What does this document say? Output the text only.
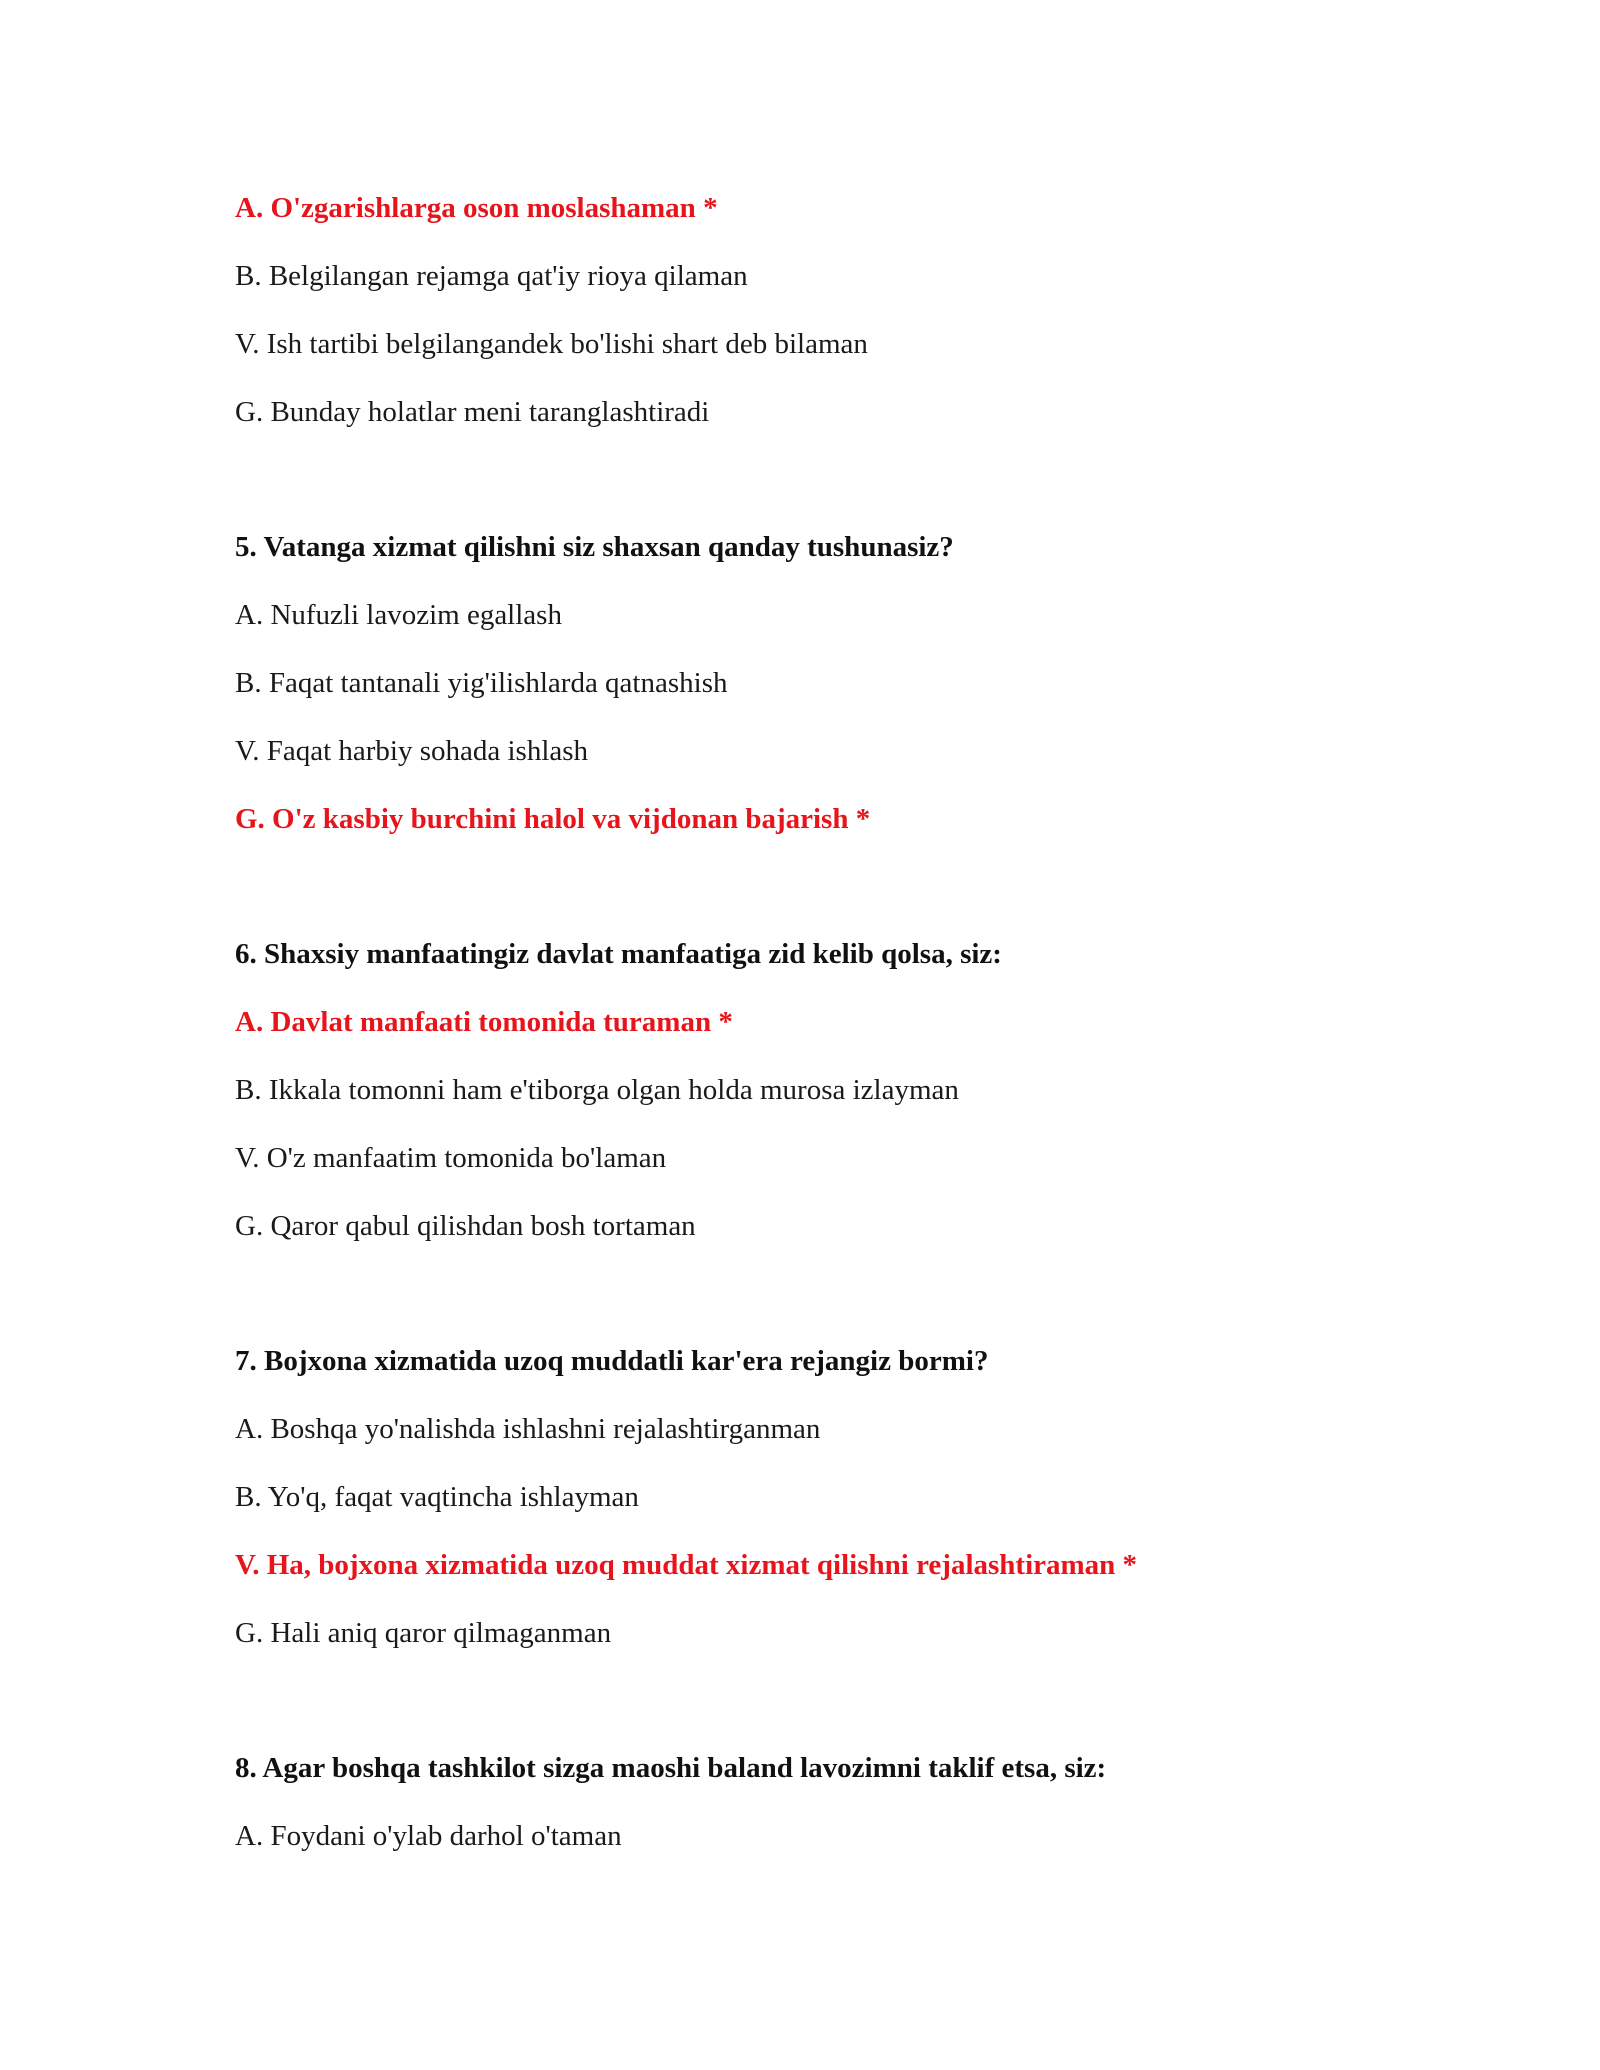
A. O'zgarishlarga oson moslashaman *
B. Belgilangan rejamga qat'iy rioya qilaman
V. Ish tartibi belgilangandek bo'lishi shart deb bilaman
G. Bunday holatlar meni taranglashtiradi
5. Vatanga xizmat qilishni siz shaxsan qanday tushunasiz?
A. Nufuzli lavozim egallash
B. Faqat tantanali yig'ilishlarda qatnashish
V. Faqat harbiy sohada ishlash
G. O'z kasbiy burchini halol va vijdonan bajarish *
6. Shaxsiy manfaatingiz davlat manfaatiga zid kelib qolsa, siz:
A. Davlat manfaati tomonida turaman *
B. Ikkala tomonni ham e'tiborga olgan holda murosa izlayman
V. O'z manfaatim tomonida bo'laman
G. Qaror qabul qilishdan bosh tortaman
7. Bojxona xizmatida uzoq muddatli kar'era rejangiz bormi?
A. Boshqa yo'nalishda ishlashni rejalashtirganman
B. Yo'q, faqat vaqtincha ishlayman
V. Ha, bojxona xizmatida uzoq muddat xizmat qilishni rejalashtiraman *
G. Hali aniq qaror qilmaganman
8. Agar boshqa tashkilot sizga maoshi baland lavozimni taklif etsa, siz:
A. Foydani o'ylab darhol o'taman
